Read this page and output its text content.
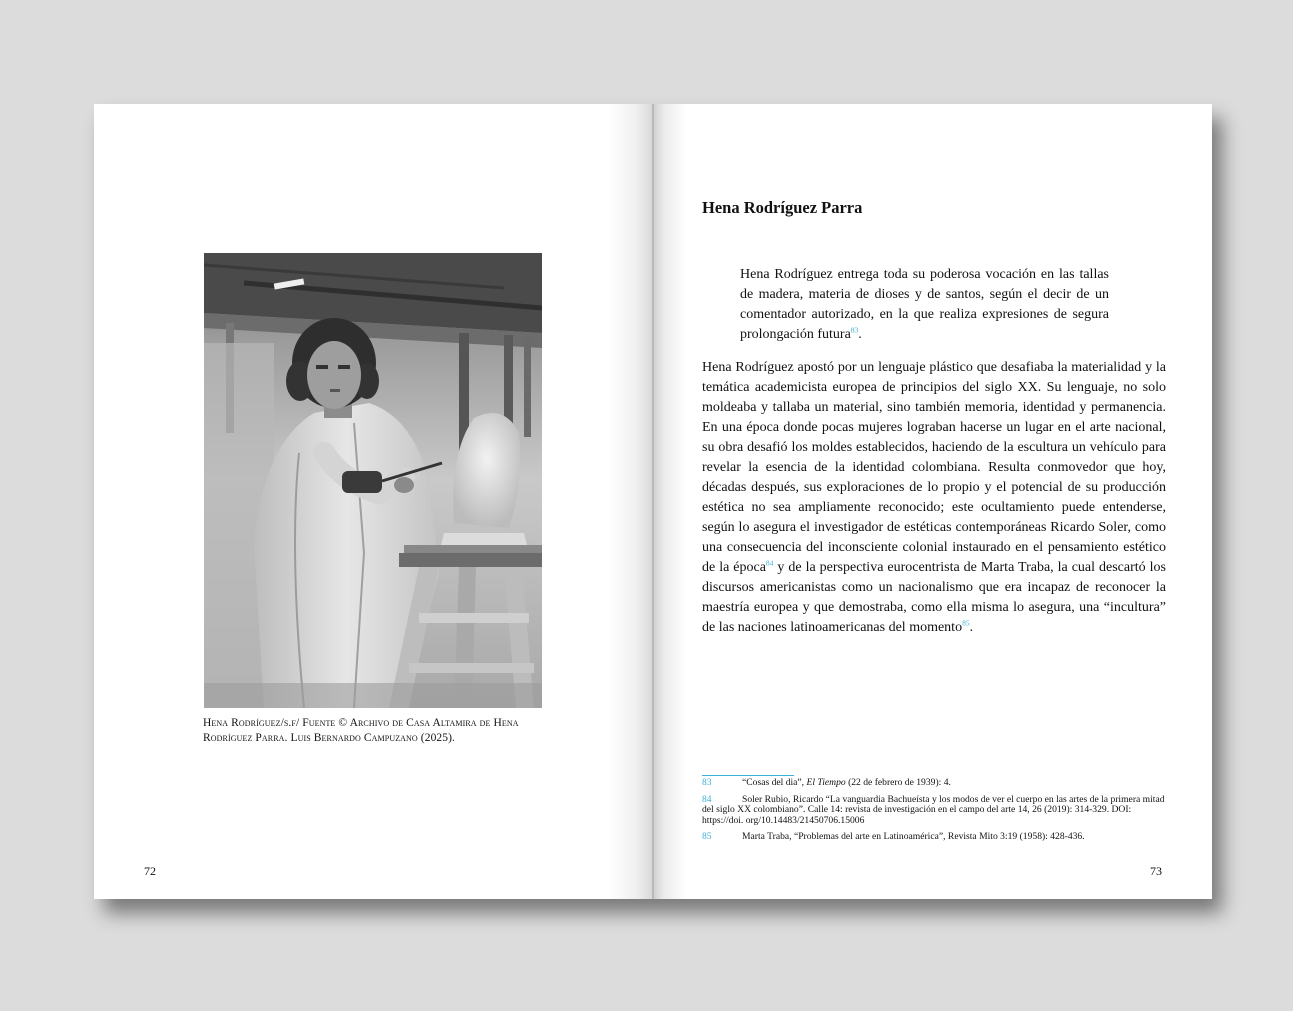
Hena Rodríguez/s.f/ Fuente © Archivo de Casa Altamira de Hena Rodríguez Parra. Luis Bernardo Campuzano (2025).
72
Hena Rodríguez Parra
Hena Rodríguez entrega toda su poderosa vocación en las tallas de madera, materia de dioses y de santos, según el decir de un comentador autorizado, en la que realiza expresiones de segura prolongación futura$^{83}$.
Hena Rodríguez apostó por un lenguaje plástico que desafiaba la materialidad y la temática academicista europea de principios del siglo XX. Su lenguaje, no solo moldeaba y tallaba un material, sino también memoria, identidad y permanencia. En una época donde pocas mujeres lograban hacerse un lugar en el arte nacional, su obra desafió los moldes establecidos, haciendo de la escultura un vehículo para revelar la esencia de la identidad colombiana. Resulta conmovedor que hoy, décadas después, sus exploraciones de lo propio y el potencial de su producción estética no sea ampliamente reconocido; este ocultamiento puede entenderse, según lo asegura el investigador de estéticas contemporáneas Ricardo Soler, como una consecuencia del inconsciente colonial instaurado en el pensamiento estético de la época$^{84}$ y de la perspectiva eurocentrista de Marta Traba, la cual descartó los discursos americanistas como un nacionalismo que era incapaz de reconocer la maestría europea y que demostraba, como ella misma lo asegura, una “incultura” de las naciones latinoamericanas del momento$^{85}$.
83	“Cosas del dia”, El Tiempo (22 de febrero de 1939): 4.
84	Soler Rubio, Ricardo “La vanguardia Bachueísta y los modos de ver el cuerpo en las artes de la primera mitad del siglo XX colombiano”. Calle 14: revista de investigación en el campo del arte 14, 26 (2019): 314-329. DOI: https://doi. org/10.14483/21450706.15006
85	Marta Traba, “Problemas del arte en Latinoamérica”, Revista Mito 3:19 (1958): 428-436.
73
